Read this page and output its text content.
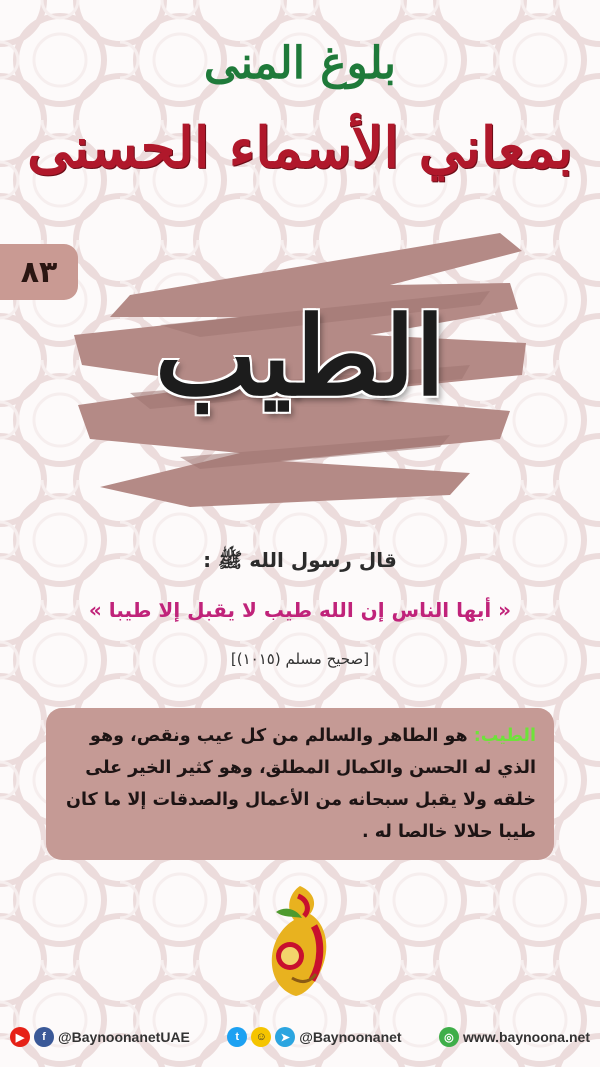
بلوغ المنى
بمعاني الأسماء الحسنى
٨٣
الطيب
قال رسول الله ﷺ :
« أيها الناس إن الله طيب لا يقبل إلا طيبا »
[صحيح مسلم (١٠١٥)]
الطيب: هو الطاهر والسالم من كل عيب ونقص، وهو الذي له الحسن والكمال المطلق، وهو كثير الخير على خلقه ولا يقبل سبحانه من الأعمال والصدقات إلا ما كان طيبا حلالا خالصا له .
▶	f @BaynoonanetUAE	t	☺	➤ @Baynoonanet	◎ www.baynoona.net
